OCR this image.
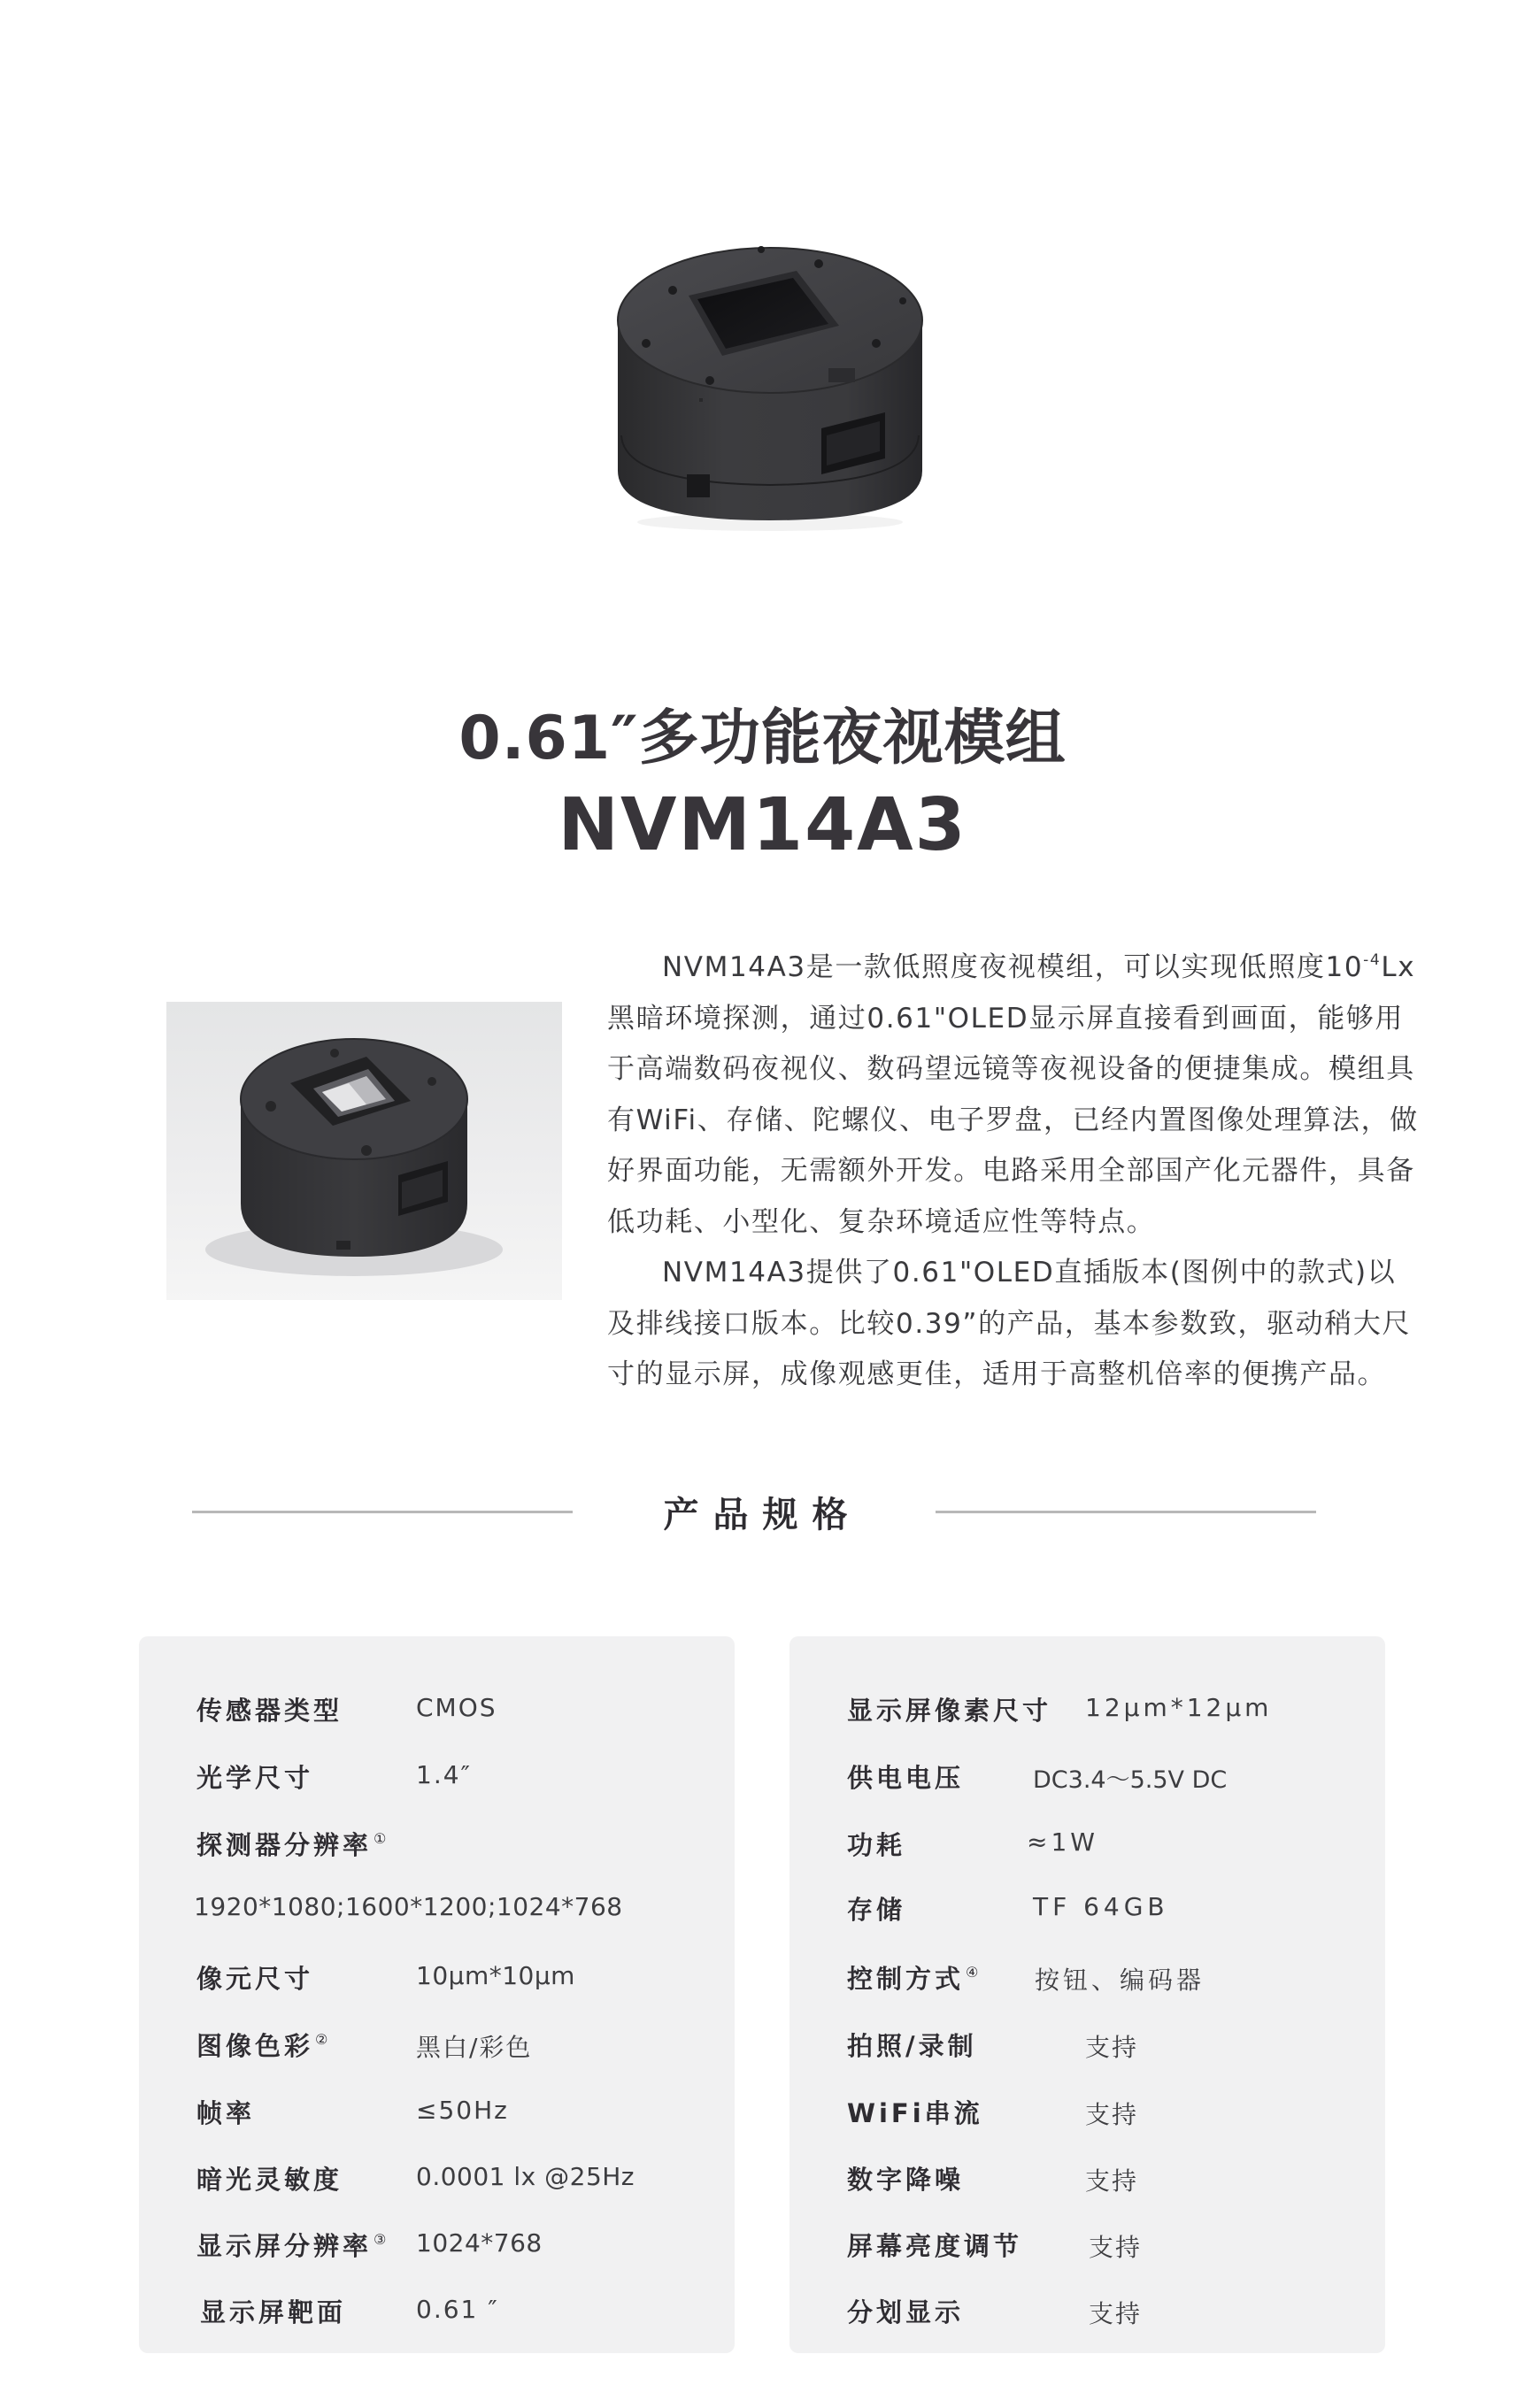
0.61″多功能夜视模组
NVM14A3

NVM14A3是一款低照度夜视模组，可以实现低照度$10^{-4}Lx$黑暗环境探测，通过0.61"OLED显示屏直接看到画面，能够用于高端数码夜视仪、数码望远镜等夜视设备的便捷集成。模组具有WiFi、存储、陀螺仪、电子罗盘，已经内置图像处理算法，做好界面功能，无需额外开发。电路采用全部国产化元器件，具备低功耗、小型化、复杂环境适应性等特点。

NVM14A3提供了0.61"OLED直插版本(图例中的款式)以及排线接口版本。比较0.39”的产品，基本参数致，驱动稍大尺寸的显示屏，成像观感更佳，适用于高整机倍率的便携产品。

产品规格
传感器类型	CMOS
光学尺寸	1.4″
探测器分辨率 ①
1920*1080;1600*1200;1024*768
像元尺寸	10μm*10μm
图像色彩 ②	黑白/彩色
帧率	≤50Hz
暗光灵敏度	0.0001 lx @25Hz
显示屏分辨率 ③ 1024*768
显示屏靶面	0.61 ″
显示屏像素尺寸 12μm*12μm
供电电压	DC3.4～5.5V DC
功耗	≈1W
存储	TF 64GB
控制方式 ④ 按钮、编码器
拍照/录制	支持
WiFi串流	支持
数字降噪	支持
屏幕亮度调节	支持
分划显示	支持
